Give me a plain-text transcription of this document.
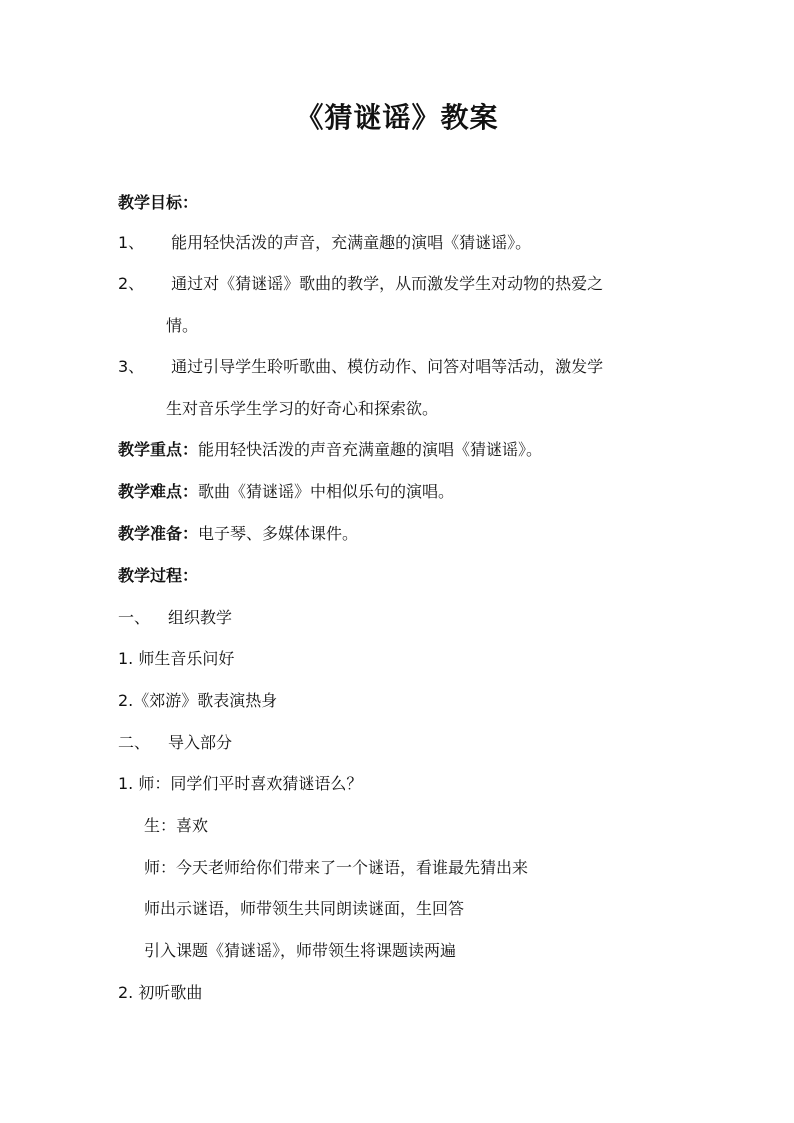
《猜谜谣》教案
教学目标：
1、 能用轻快活泼的声音，充满童趣的演唱《猜谜谣》。
2、 通过对《猜谜谣》歌曲的教学，从而激发学生对动物的热爱之
情。
3、 通过引导学生聆听歌曲、模仿动作、问答对唱等活动，激发学
生对音乐学生学习的好奇心和探索欲。
教学重点：能用轻快活泼的声音充满童趣的演唱《猜谜谣》。
教学难点：歌曲《猜谜谣》中相似乐句的演唱。
教学准备：电子琴、多媒体课件。
教学过程：
一、 组织教学
1. 师生音乐问好
2.《郊游》歌表演热身
二、 导入部分
1. 师：同学们平时喜欢猜谜语么？
生：喜欢
师：今天老师给你们带来了一个谜语，看谁最先猜出来
师出示谜语，师带领生共同朗读谜面，生回答
引入课题《猜谜谣》，师带领生将课题读两遍
2. 初听歌曲
